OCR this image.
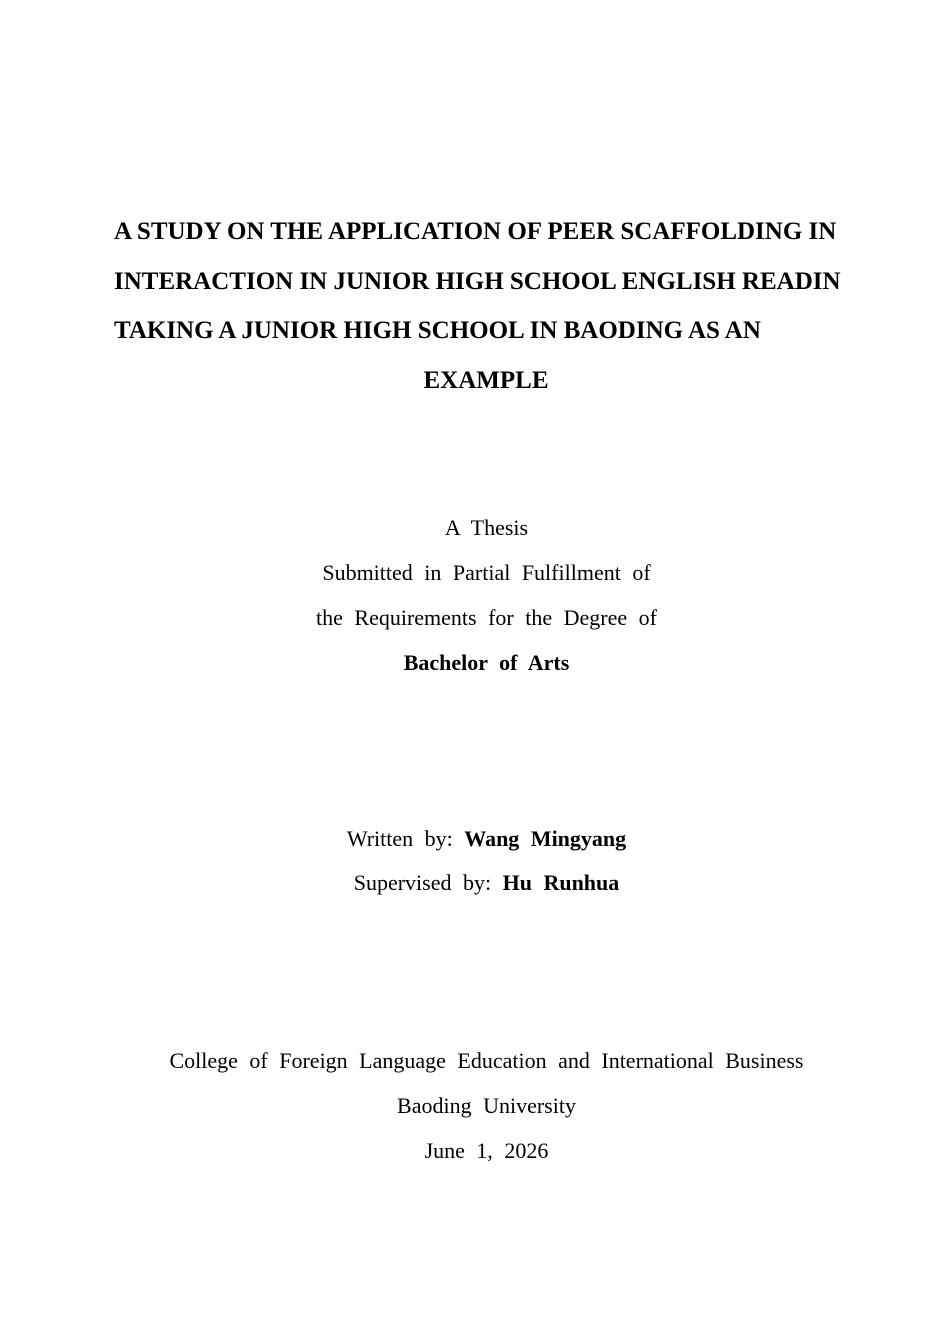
A STUDY ON THE APPLICATION OF PEER SCAFFOLDING IN
INTERACTION IN JUNIOR HIGH SCHOOL ENGLISH READIN
TAKING A JUNIOR HIGH SCHOOL IN BAODING AS AN
EXAMPLE
A Thesis
Submitted in Partial Fulfillment of
the Requirements for the Degree of
Bachelor of Arts
Written by: Wang Mingyang
Supervised by: Hu Runhua
College of Foreign Language Education and International Business
Baoding University
June 1, 2026
